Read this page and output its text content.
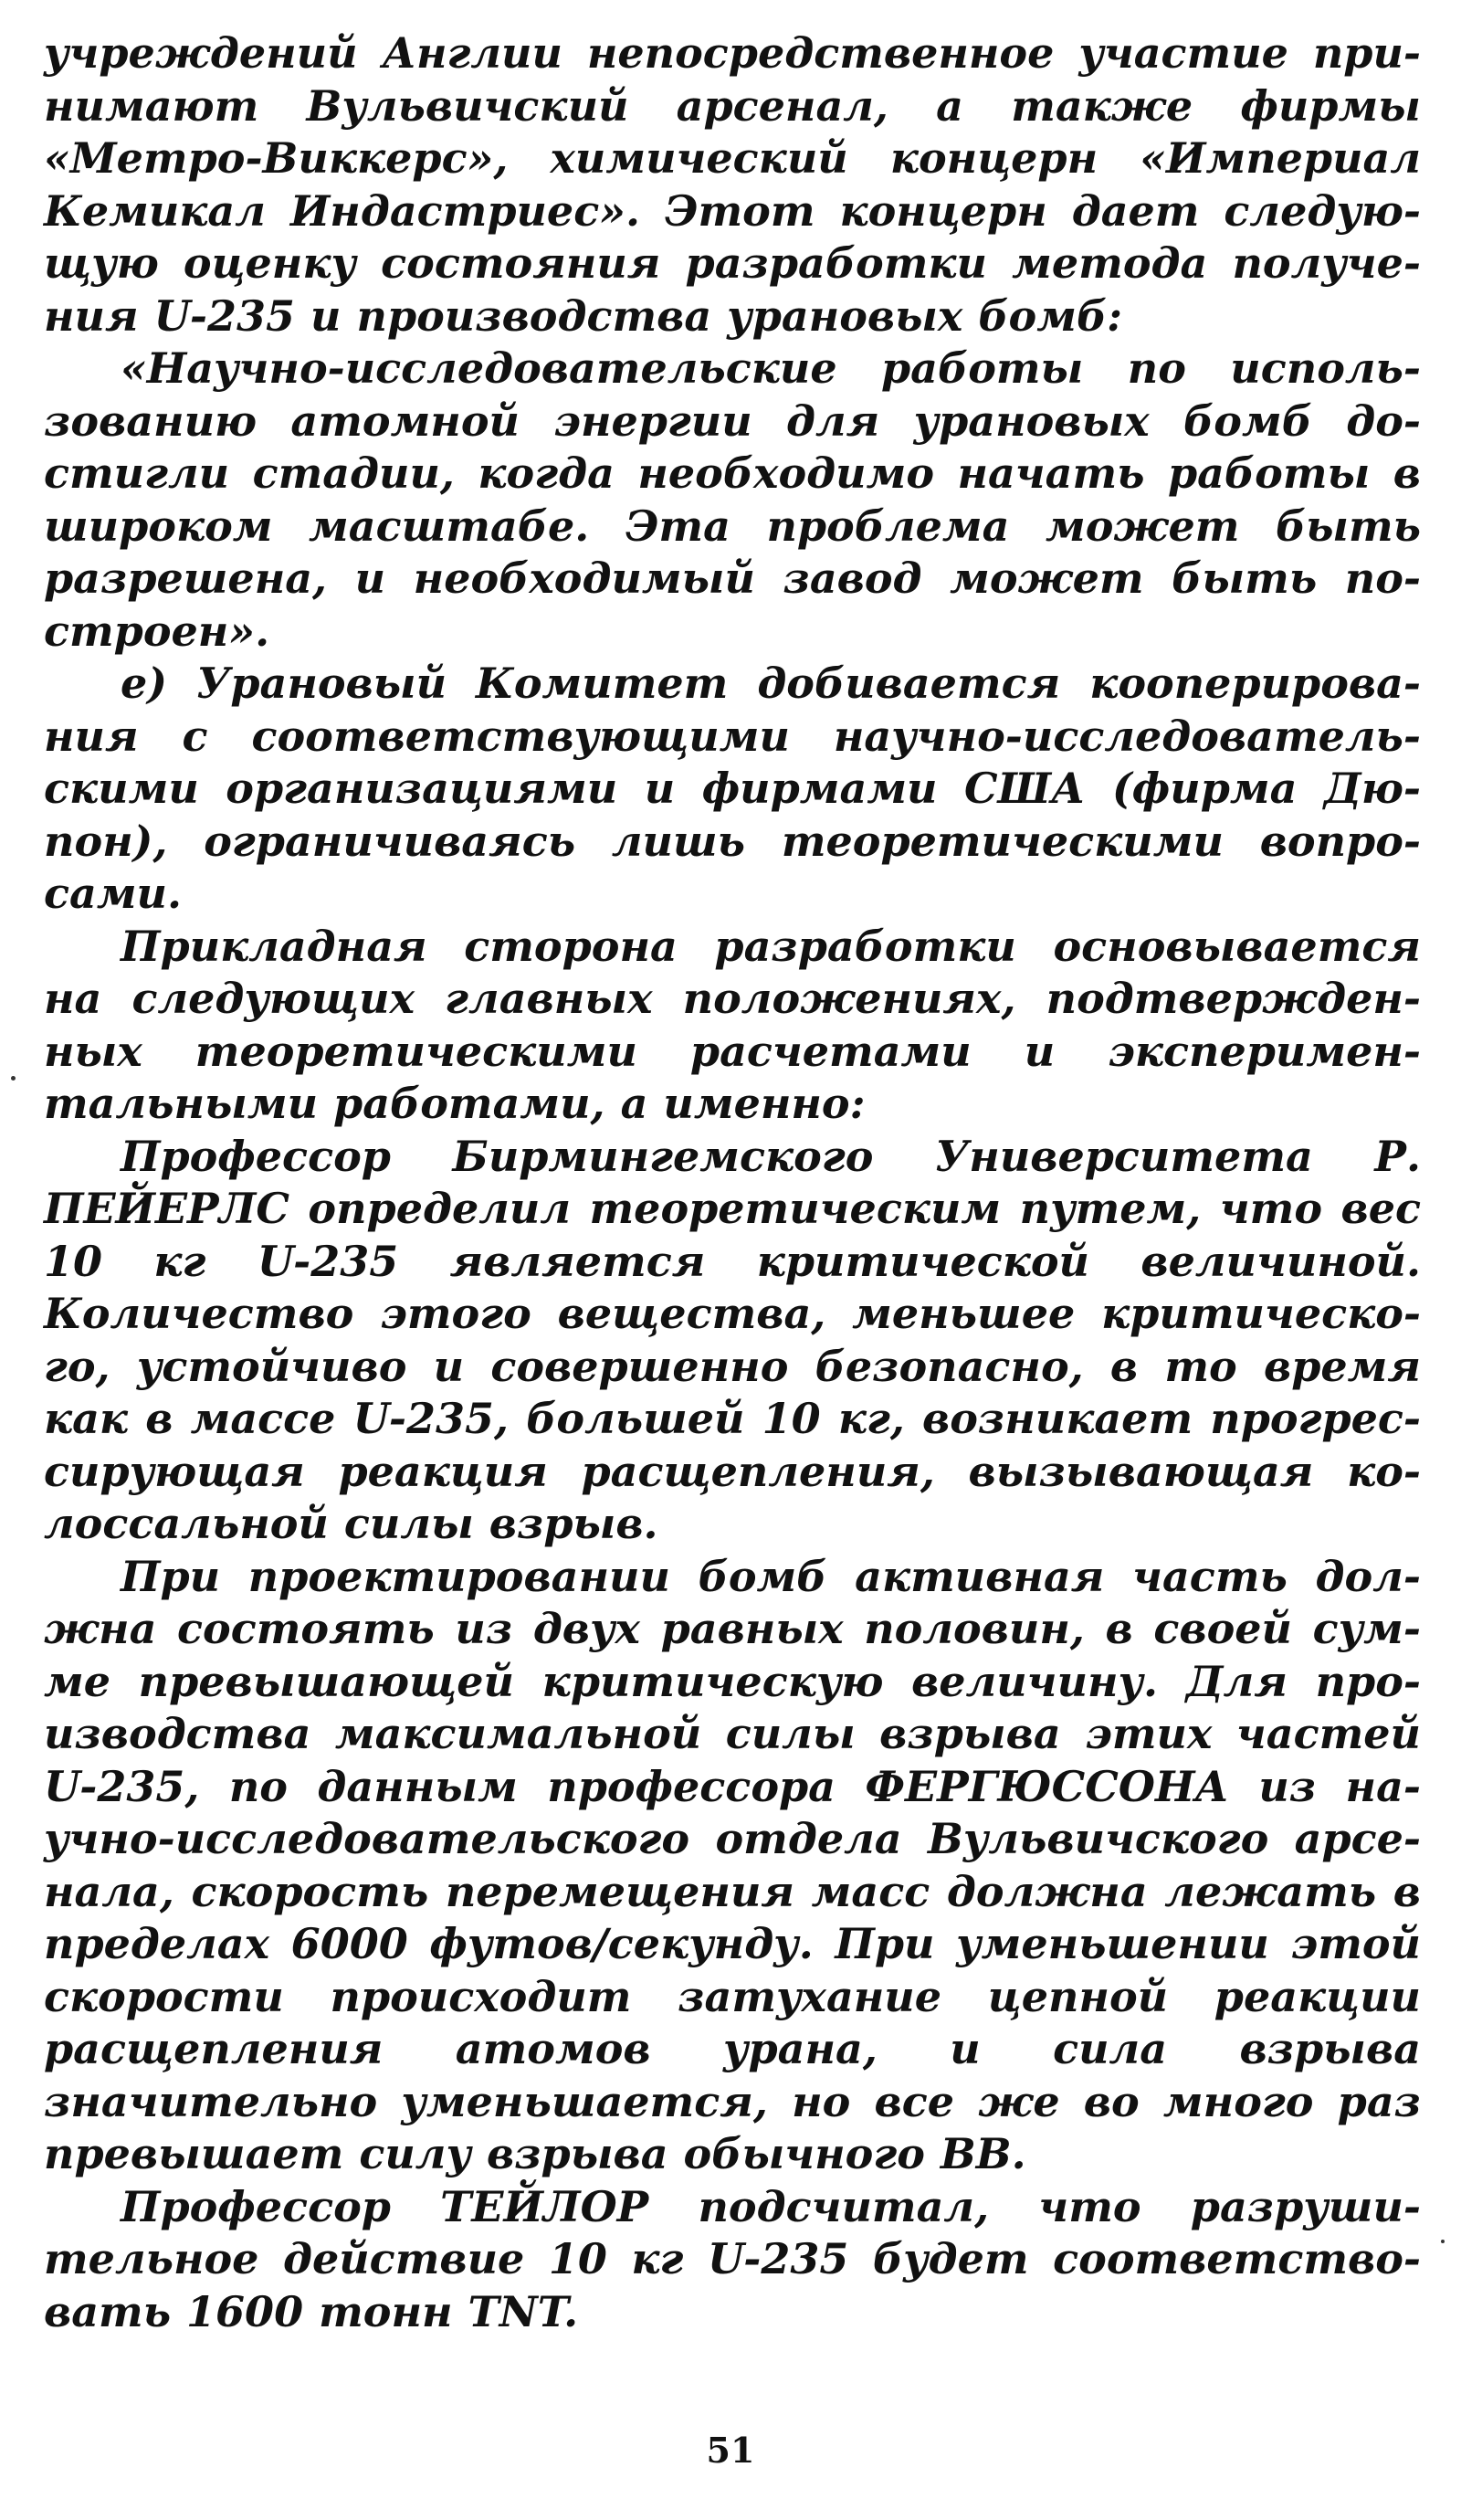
учреждений Англии непосредственное участие принимают Вульвичский арсенал, а также фирмы «Метро-Виккерс», химический концерн «Империал Кемикал Индастриес». Этот концерн дает следующую оценку состояния разработки метода получения U-235 и производства урановых бомб:

«Научно-исследовательские работы по использованию атомной энергии для урановых бомб достигли стадии, когда необходимо начать работы в широком масштабе. Эта проблема может быть разрешена, и необходимый завод может быть построен».

е) Урановый Комитет добивается кооперирования с соответствующими научно-исследовательскими организациями и фирмами США (фирма Дюпон), ограничиваясь лишь теоретическими вопросами.

Прикладная сторона разработки основывается на следующих главных положениях, подтвержденных теоретическими расчетами и экспериментальными работами, а именно:

Профессор Бирмингемского Университета Р. ПЕЙЕРЛС определил теоретическим путем, что вес 10 кг U-235 является критической величиной. Количество этого вещества, меньшее критического, устойчиво и совершенно безопасно, в то время как в массе U-235, большей 10 кг, возникает прогрессирующая реакция расщепления, вызывающая колоссальной силы взрыв.

При проектировании бомб активная часть должна состоять из двух равных половин, в своей сумме превышающей критическую величину. Для производства максимальной силы взрыва этих частей U-235, по данным профессора ФЕРГЮССОНА из научно-исследовательского отдела Вульвичского арсенала, скорость перемещения масс должна лежать в пределах 6000 футов/секунду. При уменьшении этой скорости происходит затухание цепной реакции расщепления атомов урана, и сила взрыва значительно уменьшается, но все же во много раз превышает силу взрыва обычного ВВ.

Профессор ТЕЙЛОР подсчитал, что разрушительное действие 10 кг U-235 будет соответствовать 1600 тонн TNT.

51
